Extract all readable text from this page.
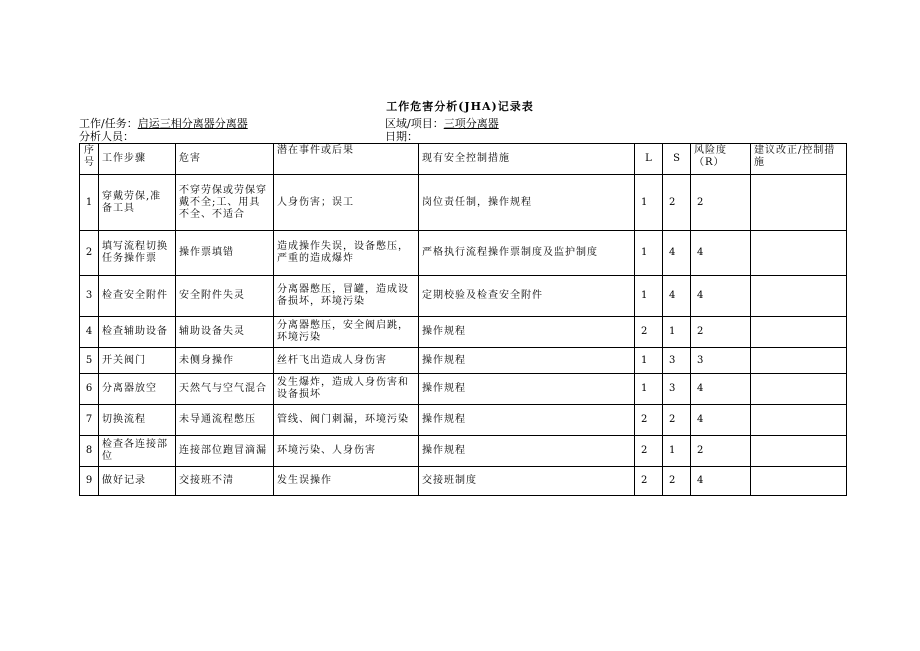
工作危害分析(JHA)记录表
工作/任务：启运三相分离器分离器	区域/项目：三项分离器
分析人员：	日期：
序号	工作步骤	危害	潜在事件或后果	现有安全控制措施	L	S	风险度（R）	建议改正/控制措施
1	穿戴劳保,准备工具	不穿劳保或劳保穿戴不全;工、用具不全、不适合	人身伤害；误工	岗位责任制，操作规程	1	2	2	
2	填写流程切换任务操作票	操作票填错	造成操作失误，设备憋压，严重的造成爆炸	严格执行流程操作票制度及监护制度	1	4	4	
3	检查安全附件	安全附件失灵	分离器憋压，冒罐，造成设备损坏，环境污染	定期校验及检查安全附件	1	4	4	
4	检查辅助设备	辅助设备失灵	分离器憋压，安全阀启跳，环境污染	操作规程	2	1	2	
5	开关阀门	未侧身操作	丝杆飞出造成人身伤害	操作规程	1	3	3	
6	分离器放空	天然气与空气混合	发生爆炸，造成人身伤害和设备损坏	操作规程	1	3	4	
7	切换流程	未导通流程憋压	管线、阀门刺漏，环境污染	操作规程	2	2	4	
8	检查各连接部位	连接部位跑冒滴漏	环境污染、人身伤害	操作规程	2	1	2	
9	做好记录	交接班不清	发生误操作	交接班制度	2	2	4	
